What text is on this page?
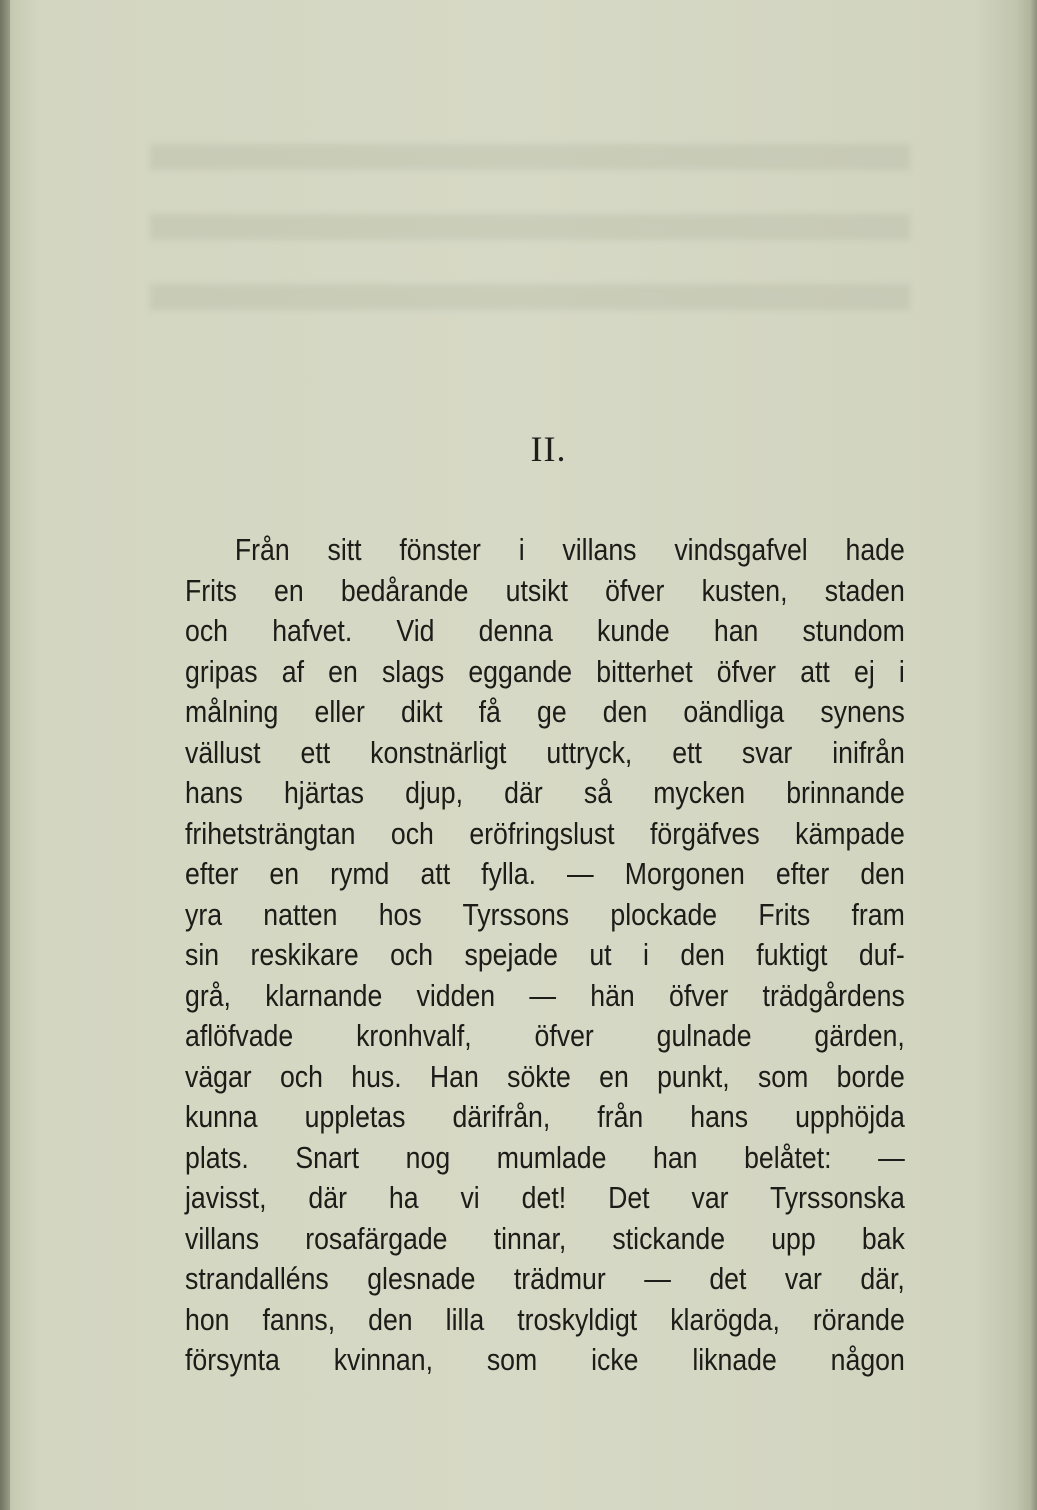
II.
Från sitt fönster i villans vindsgafvel hade
Frits en bedårande utsikt öfver kusten, staden
och hafvet. Vid denna kunde han stundom
gripas af en slags eggande bitterhet öfver att ej i
målning eller dikt få ge den oändliga synens
vällust ett konstnärligt uttryck, ett svar inifrån
hans hjärtas djup, där så mycken brinnande
frihetsträngtan och eröfringslust förgäfves kämpade
efter en rymd att fylla. — Morgonen efter den
yra natten hos Tyrssons plockade Frits fram
sin reskikare och spejade ut i den fuktigt duf-
grå, klarnande vidden — hän öfver trädgårdens
aflöfvade kronhvalf, öfver gulnade gärden,
vägar och hus. Han sökte en punkt, som borde
kunna uppletas därifrån, från hans upphöjda
plats. Snart nog mumlade han belåtet: —
javisst, där ha vi det! Det var Tyrssonska
villans rosafärgade tinnar, stickande upp bak
strandalléns glesnade trädmur — det var där,
hon fanns, den lilla troskyldigt klarögda, rörande
försynta kvinnan, som icke liknade någon
